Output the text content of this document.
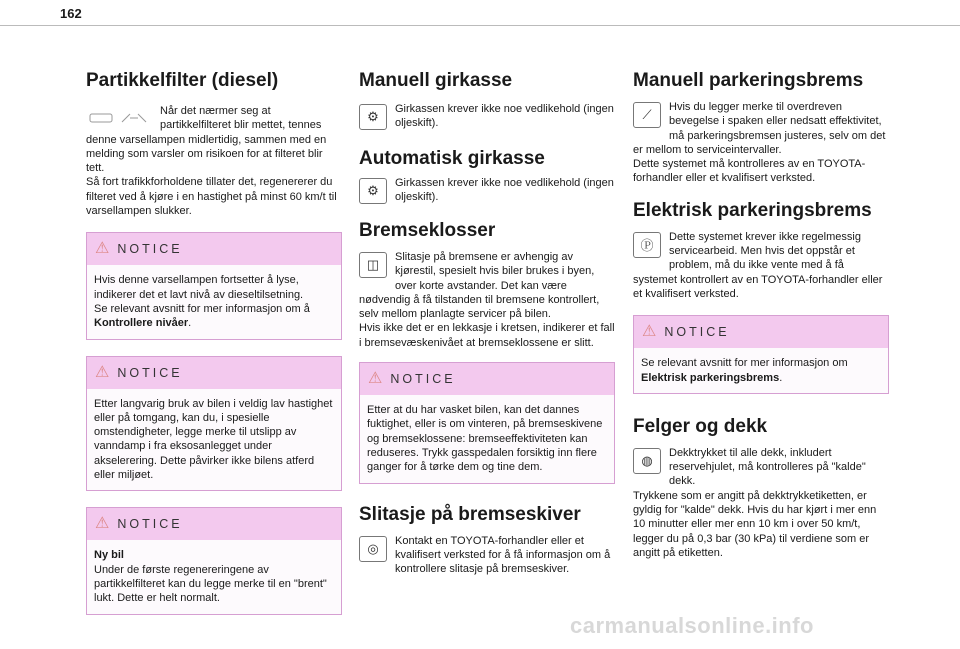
162
Partikkelfilter (diesel)

Når det nærmer seg at partikkelfilteret blir mettet, tennes denne varsellampen midlertidig, sammen med en melding som varsler om risikoen for at filteret blir tett.

Så fort trafikkforholdene tillater det, regenererer du filteret ved å kjøre i en hastighet på minst 60 km/t til varsellampen slukker.

⚠ NOTICE
Hvis denne varsellampen fortsetter å lyse, indikerer det et lavt nivå av dieseltilsetning.
Se relevant avsnitt for mer informasjon om å Kontrollere nivåer.
⚠ NOTICE
Etter langvarig bruk av bilen i veldig lav hastighet eller på tomgang, kan du, i spesielle omstendigheter, legge merke til utslipp av vanndamp i fra eksosanlegget under akselerering. Dette påvirker ikke bilens atferd eller miljøet.
⚠ NOTICE
Ny bil
Under de første regenereringene av partikkelfilteret kan du legge merke til en "brent" lukt. Dette er helt normalt.
Manuell girkasse
⚙	Girkassen krever ikke noe vedlikehold (ingen oljeskift).

Automatisk girkasse
⚙	Girkassen krever ikke noe vedlikehold (ingen oljeskift).

Bremseklosser
◫	Slitasje på bremsene er avhengig av kjørestil, spesielt hvis biler brukes i byen, over korte avstander. Det kan være nødvendig å få tilstanden til bremsene kontrollert, selv mellom planlagte servicer på bilen.

Hvis ikke det er en lekkasje i kretsen, indikerer et fall i bremsevæskenivået at bremseklossene er slitt.

⚠ NOTICE
Etter at du har vasket bilen, kan det dannes fuktighet, eller is om vinteren, på bremseskivene og bremseklossene: bremseeffektiviteten kan reduseres. Trykk gasspedalen forsiktig inn flere ganger for å tørke dem og tine dem.
Slitasje på bremseskiver
◎	Kontakt en TOYOTA-forhandler eller et kvalifisert verksted for å få informasjon om å kontrollere slitasje på bremseskiver.

Manuell parkeringsbrems
⟋	Hvis du legger merke til overdreven bevegelse i spaken eller nedsatt effektivitet, må parkeringsbremsen justeres, selv om det er mellom to serviceintervaller.

Dette systemet må kontrolleres av en TOYOTA-forhandler eller et kvalifisert verksted.

Elektrisk parkeringsbrems
Ⓟ

Dette systemet krever ikke regelmessig servicearbeid. Men hvis det oppstår et problem, må du ikke vente med å få systemet kontrollert av en TOYOTA-forhandler eller et kvalifisert verksted.

⚠ NOTICE
Se relevant avsnitt for mer informasjon om Elektrisk parkeringsbrems.
Felger og dekk
◍	Dekktrykket til alle dekk, inkludert reservehjulet, må kontrolleres på "kalde" dekk.

Trykkene som er angitt på dekktrykketiketten, er gyldig for "kalde" dekk. Hvis du har kjørt i mer enn 10 minutter eller mer enn 10 km i over 50 km/t, legger du på 0,3 bar (30 kPa) til verdiene som er angitt på etiketten.

carmanualsonline.info
